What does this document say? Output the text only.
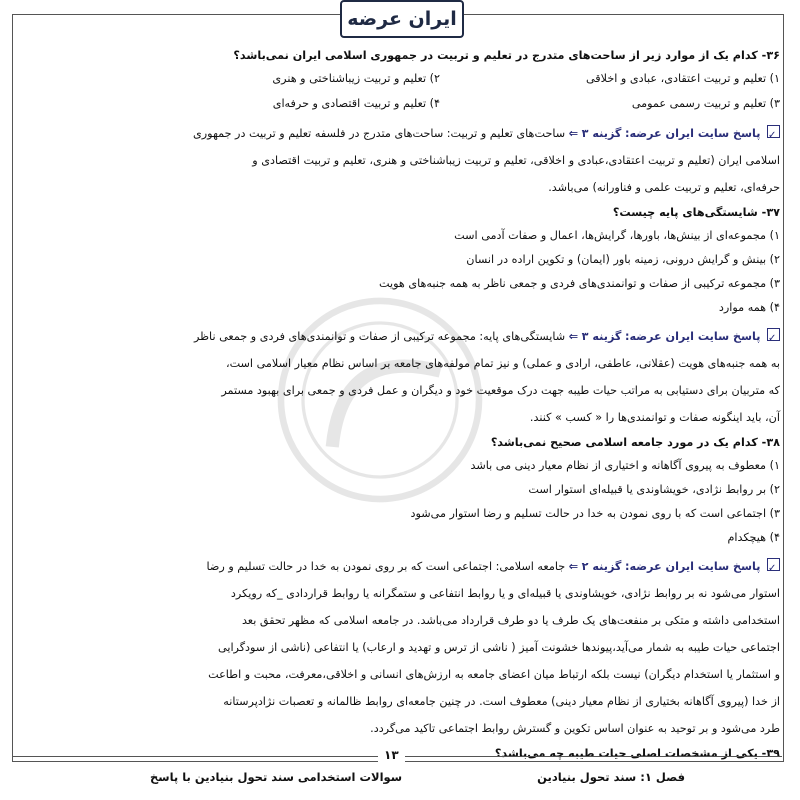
ایران عرضه
۳۶- کدام یک از موارد زیر از ساحت‌های متدرج در تعلیم و تربیت در جمهوری اسلامی ایران نمی‌باشد؟
۱) تعلیم و تربیت اعتقادی، عبادی و اخلاقی
۲) تعلیم و تربیت زیباشناختی و هنری
۳) تعلیم و تربیت رسمی عمومی
۴) تعلیم و تربیت اقتصادی و حرفه‌ای
✓ پاسخ سایت ایران عرضه: گزینه ۳ ⇐ ساحت‌های تعلیم و تربیت: ساحت‌های متدرج در فلسفه تعلیم و تربیت در جمهوری
اسلامی ایران (تعلیم و تربیت اعتقادی،عبادی و اخلاقی، تعلیم و تربیت زیباشناختی و هنری، تعلیم و تربیت اقتصادی و
حرفه‌ای، تعلیم و تربیت علمی و فناورانه) می‌باشد.
۳۷- شایستگی‌های پایه چیست؟
۱) مجموعه‌ای از بینش‌ها، باورها، گرایش‌ها، اعمال و صفات آدمی است
۲) بینش و گرایش درونی، زمینه باور (ایمان) و تکوین اراده در انسان
۳) مجموعه ترکیبی از صفات و توانمندی‌های فردی و جمعی ناظر به همه جنبه‌های هویت
۴) همه موارد
✓ پاسخ سایت ایران عرضه: گزینه ۳ ⇐ شایستگی‌های پایه: مجموعه ترکیبی از صفات و توانمندی‌های فردی و جمعی ناظر
به همه جنبه‌های هویت (عقلانی، عاطفی، ارادی و عملی) و نیز تمام مولفه‌های جامعه بر اساس نظام معیار اسلامی است،
که متربیان برای دستیابی به مراتب حیات طیبه جهت درک موقعیت خود و دیگران و عمل فردی و جمعی برای بهبود مستمر
آن، باید اینگونه صفات و توانمندی‌ها را « کسب » کنند.
۳۸- کدام یک در مورد جامعه اسلامی صحیح نمی‌باشد؟
۱) معطوف به پیروی آگاهانه و اختیاری از نظام معیار دینی می باشد
۲) بر روابط نژادی، خویشاوندی یا قبیله‌ای استوار است
۳) اجتماعی است که با روی نمودن به خدا در حالت تسلیم و رضا استوار می‌شود
۴) هیچکدام
✓ پاسخ سایت ایران عرضه: گزینه ۲ ⇐ جامعه اسلامی: اجتماعی است که بر روی نمودن به خدا در حالت تسلیم و رضا
استوار می‌شود نه بر روابط نژادی، خویشاوندی یا قبیله‌ای و یا روابط انتفاعی و ستمگرانه یا روابط قراردادی _که رویکرد
استخدامی داشته و متکی بر منفعت‌های یک طرف یا دو طرف قرارداد می‌باشد. در جامعه اسلامی که مظهر تحقق بعد
اجتماعی حیات طیبه به شمار می‌آید،پیوندها خشونت آمیز ( ناشی از ترس و تهدید و ارعاب) یا انتفاعی (ناشی از سودگرایی
و استثمار یا استخدام دیگران) نیست بلکه ارتباط میان اعضای جامعه به ارزش‌های انسانی و اخلاقی،معرفت، محبت و اطاعت
از خدا (پیروی آگاهانه بختیاری از نظام معیار دینی) معطوف است. در چنین جامعه‌ای روابط ظالمانه و تعصبات نژادپرستانه
طرد می‌شود و بر توحید به عنوان اساس تکوین و گسترش روابط اجتماعی تاکید می‌گردد.
۳۹- یکی از مشخصات اصلی حیات طیبه چه می‌باشد؟
۱۳
فصل ۱: سند تحول بنیادین
سوالات استخدامی سند تحول بنیادین با پاسخ
